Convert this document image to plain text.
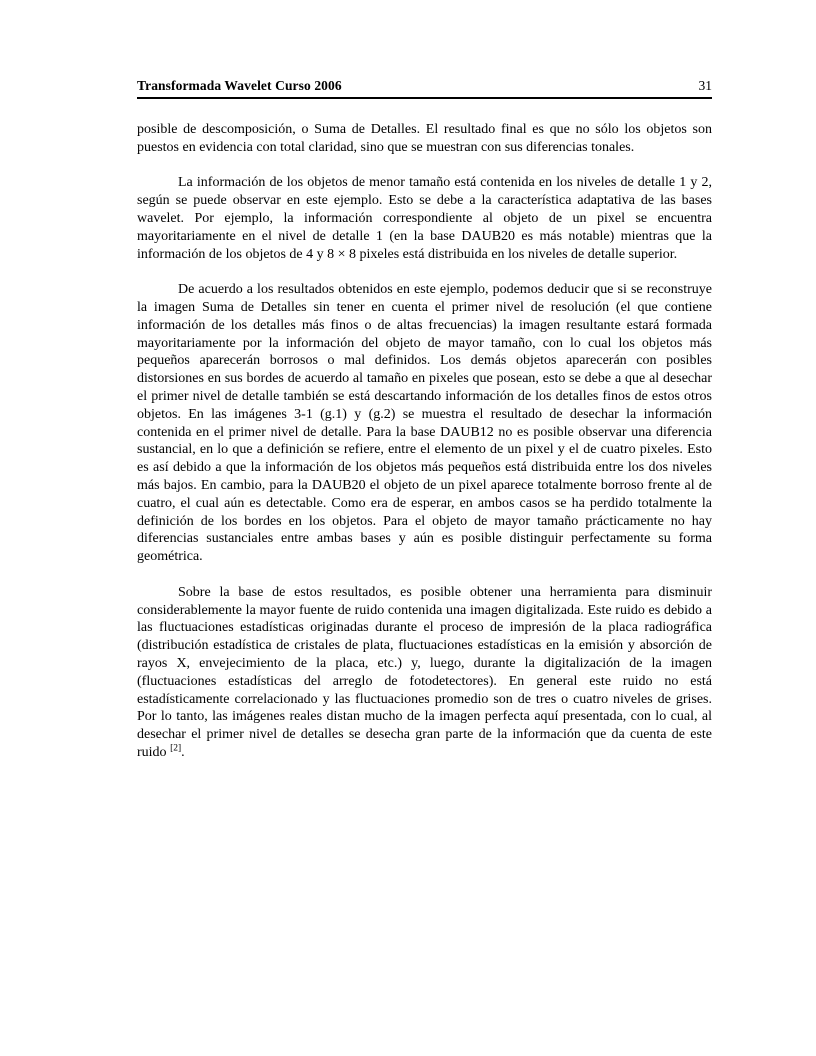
Transformada Wavelet Curso 2006	31

posible de descomposición, o Suma de Detalles. El resultado final es que no sólo los objetos son puestos en evidencia con total claridad, sino que se muestran con sus diferencias tonales.

La información de los objetos de menor tamaño está contenida en los niveles de detalle 1 y 2, según se puede observar en este ejemplo. Esto se debe a la característica adaptativa de las bases wavelet. Por ejemplo, la información correspondiente al objeto de un pixel se encuentra mayoritariamente en el nivel de detalle 1 (en la base DAUB20 es más notable) mientras que la información de los objetos de 4 y 8 × 8 pixeles está distribuida en los niveles de detalle superior.

De acuerdo a los resultados obtenidos en este ejemplo, podemos deducir que si se reconstruye la imagen Suma de Detalles sin tener en cuenta el primer nivel de resolución (el que contiene información de los detalles más finos o de altas frecuencias) la imagen resultante estará formada mayoritariamente por la información del objeto de mayor tamaño, con lo cual los objetos más pequeños aparecerán borrosos o mal definidos. Los demás objetos aparecerán con posibles distorsiones en sus bordes de acuerdo al tamaño en pixeles que posean, esto se debe a que al desechar el primer nivel de detalle también se está descartando información de los detalles finos de estos otros objetos. En las imágenes 3-1 (g.1) y (g.2) se muestra el resultado de desechar la información contenida en el primer nivel de detalle. Para la base DAUB12 no es posible observar una diferencia sustancial, en lo que a definición se refiere, entre el elemento de un pixel y el de cuatro pixeles. Esto es así debido a que la información de los objetos más pequeños está distribuida entre los dos niveles más bajos. En cambio, para la DAUB20 el objeto de un pixel aparece totalmente borroso frente al de cuatro, el cual aún es detectable. Como era de esperar, en ambos casos se ha perdido totalmente la definición de los bordes en los objetos. Para el objeto de mayor tamaño prácticamente no hay diferencias sustanciales entre ambas bases y aún es posible distinguir perfectamente su forma geométrica.

Sobre la base de estos resultados, es posible obtener una herramienta para disminuir considerablemente la mayor fuente de ruido contenida una imagen digitalizada. Este ruido es debido a las fluctuaciones estadísticas originadas durante el proceso de impresión de la placa radiográfica (distribución estadística de cristales de plata, fluctuaciones estadísticas en la emisión y absorción de rayos X, envejecimiento de la placa, etc.) y, luego, durante la digitalización de la imagen (fluctuaciones estadísticas del arreglo de fotodetectores). En general este ruido no está estadísticamente correlacionado y las fluctuaciones promedio son de tres o cuatro niveles de grises. Por lo tanto, las imágenes reales distan mucho de la imagen perfecta aquí presentada, con lo cual, al desechar el primer nivel de detalles se desecha gran parte de la información que da cuenta de este ruido [2].
